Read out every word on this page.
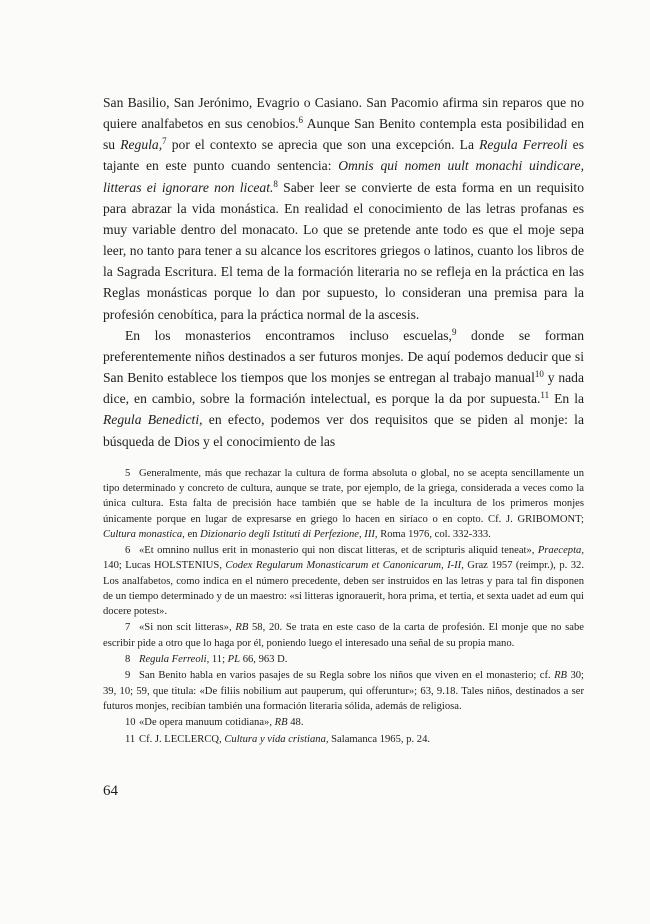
San Basilio, San Jerónimo, Evagrio o Casiano. San Pacomio afirma sin reparos que no quiere analfabetos en sus cenobios.$^6$ Aunque San Benito contempla esta posibilidad en su Regula,$^7$ por el contexto se aprecia que son una excepción. La Regula Ferreoli es tajante en este punto cuando sentencia: Omnis qui nomen uult monachi uindicare, litteras ei ignorare non liceat.$^8$ Saber leer se convierte de esta forma en un requisito para abrazar la vida monástica. En realidad el conocimiento de las letras profanas es muy variable dentro del monacato. Lo que se pretende ante todo es que el moje sepa leer, no tanto para tener a su alcance los escritores griegos o latinos, cuanto los libros de la Sagrada Escritura. El tema de la formación literaria no se refleja en la práctica en las Reglas monásticas porque lo dan por supuesto, lo consideran una premisa para la profesión cenobítica, para la práctica normal de la ascesis.

En los monasterios encontramos incluso escuelas,$^9$ donde se forman preferentemente niños destinados a ser futuros monjes. De aquí podemos deducir que si San Benito establece los tiempos que los monjes se entregan al trabajo manual$^{10}$ y nada dice, en cambio, sobre la formación intelectual, es porque la da por supuesta.$^{11}$ En la Regula Benedicti, en efecto, podemos ver dos requisitos que se piden al monje: la búsqueda de Dios y el conocimiento de las

5 Generalmente, más que rechazar la cultura de forma absoluta o global, no se acepta sencillamente un tipo determinado y concreto de cultura, aunque se trate, por ejemplo, de la griega, considerada a veces como la única cultura. Esta falta de precisión hace también que se hable de la incultura de los primeros monjes únicamente porque en lugar de expresarse en griego lo hacen en siríaco o en copto. Cf. J. GRIBOMONT; Cultura monastica, en Dizionario degli Istituti di Perfezione, III, Roma 1976, col. 332-333.

6 «Et omnino nullus erit in monasterio qui non discat litteras, et de scripturis aliquid teneat», Praecepta, 140; Lucas HOLSTENIUS, Codex Regularum Monasticarum et Canonicarum, I-II, Graz 1957 (reimpr.), p. 32. Los analfabetos, como indica en el número precedente, deben ser instruidos en las letras y para tal fin disponen de un tiempo determinado y de un maestro: «si litteras ignorauerit, hora prima, et tertia, et sexta uadet ad eum qui docere potest».

7 «Si non scit litteras», RB 58, 20. Se trata en este caso de la carta de profesión. El monje que no sabe escribir pide a otro que lo haga por él, poniendo luego el interesado una señal de su propia mano.

8 Regula Ferreoli, 11; PL 66, 963 D.

9 San Benito habla en varios pasajes de su Regla sobre los niños que viven en el monasterio; cf. RB 30; 39, 10; 59, que titula: «De filiis nobilium aut pauperum, qui offeruntur»; 63, 9.18. Tales niños, destinados a ser futuros monjes, recibían también una formación literaria sólida, además de religiosa.

10 «De opera manuum cotidiana», RB 48.

11 Cf. J. LECLERCQ, Cultura y vida cristiana, Salamanca 1965, p. 24.

64
